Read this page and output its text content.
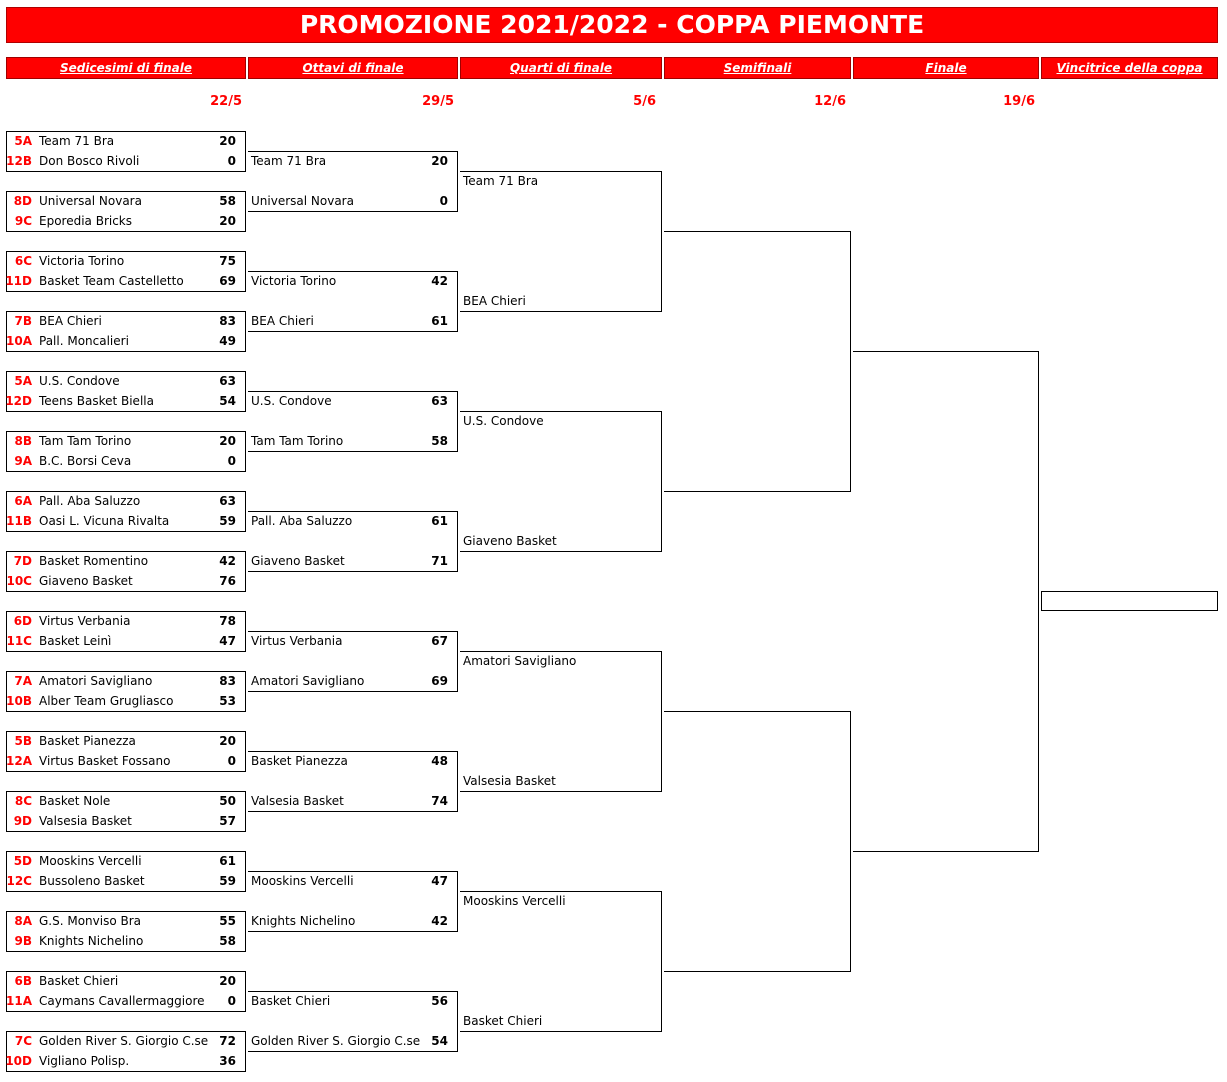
PROMOZIONE 2021/2022 - COPPA PIEMONTE
Sedicesimi di finale	Ottavi di finale	Quarti di finale	Semifinali	Finale	Vincitrice della coppa
22/5	29/5	5/6	12/6	19/6
5A Team 71 Bra	20
12B Don Bosco Rivoli	0
8D Universal Novara	58
9C Eporedia Bricks	20
6C Victoria Torino	75
11D Basket Team Castelletto	69
7B BEA Chieri	83
10A Pall. Moncalieri	49
5A U.S. Condove	63
12D Teens Basket Biella	54
8B Tam Tam Torino	20
9A B.C. Borsi Ceva	0
6A Pall. Aba Saluzzo	63
11B Oasi L. Vicuna Rivalta	59
7D Basket Romentino	42
10C Giaveno Basket	76
6D Virtus Verbania	78
11C Basket Leinì	47
7A Amatori Savigliano	83
10B Alber Team Grugliasco	53
5B Basket Pianezza	20
12A Virtus Basket Fossano	0
8C Basket Nole	50
9D Valsesia Basket	57
5D Mooskins Vercelli	61
12C Bussoleno Basket	59
8A G.S. Monviso Bra	55
9B Knights Nichelino	58
6B Basket Chieri	20
11A Caymans Cavallermaggiore	0
7C Golden River S. Giorgio C.se 72
10D Vigliano Polisp.	36
Team 71 Bra	20
Universal Novara	0
Victoria Torino	42
BEA Chieri	61
U.S. Condove	63
Tam Tam Torino	58
Pall. Aba Saluzzo	61
Giaveno Basket	71
Virtus Verbania	67
Amatori Savigliano	69
Basket Pianezza	48
Valsesia Basket	74
Mooskins Vercelli	47
Knights Nichelino	42
Basket Chieri	56
Golden River S. Giorgio C.se 54
Team 71 Bra
BEA Chieri
U.S. Condove
Giaveno Basket
Amatori Savigliano
Valsesia Basket
Mooskins Vercelli
Basket Chieri
